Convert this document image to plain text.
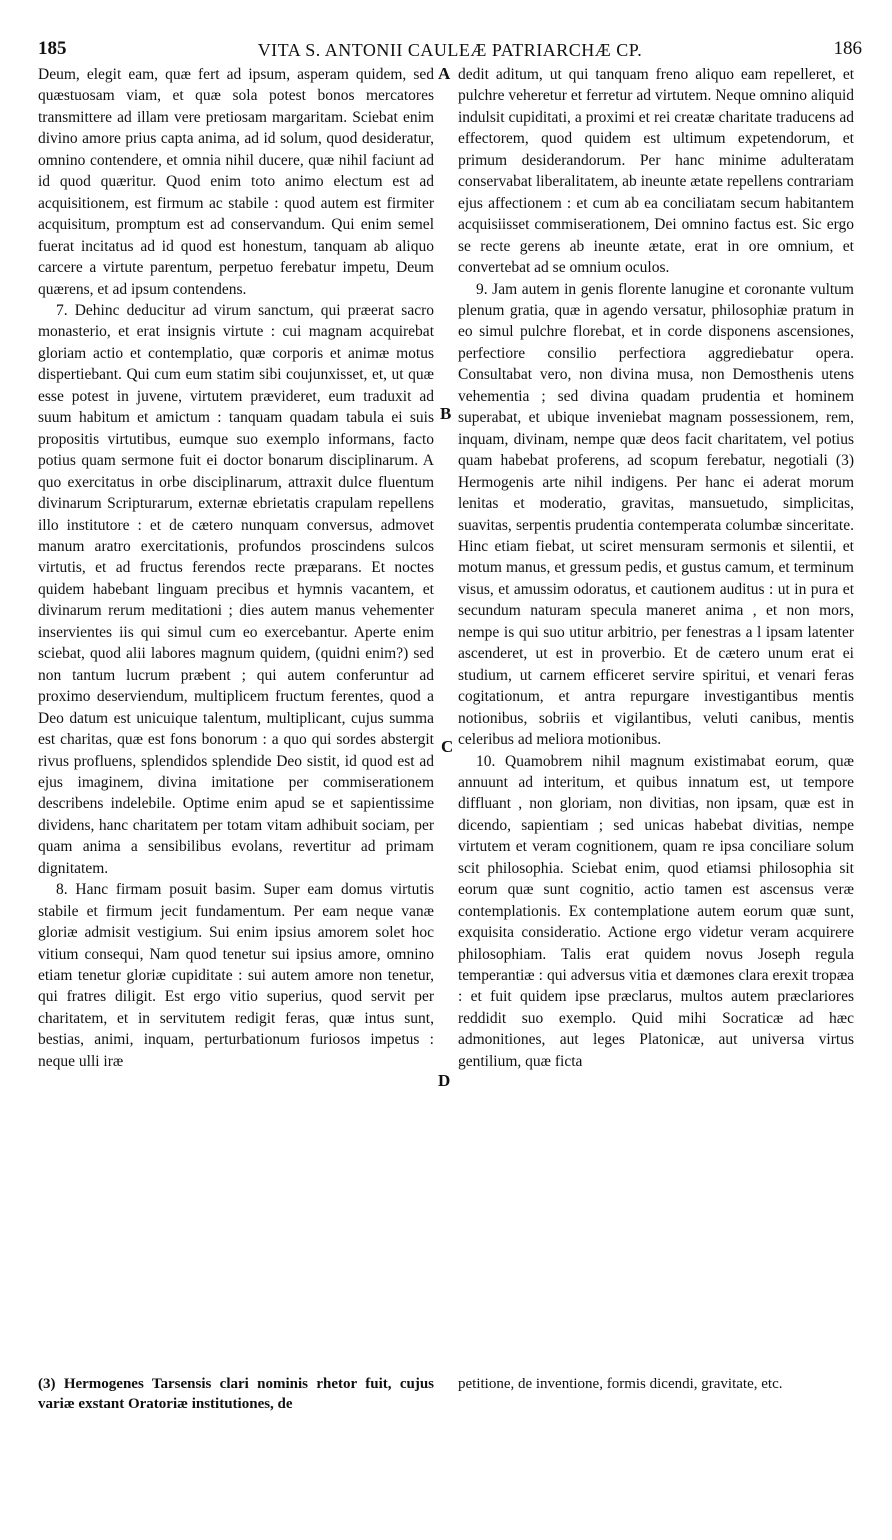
185	VITA S. ANTONII CAULEÆ PATRIARCHÆ CP.	186

Deum, elegit eam, quæ fert ad ipsum, asperam quidem, sed quæstuosam viam, et quæ sola potest bonos mercatores transmittere ad illam vere pretiosam margaritam. Sciebat enim divino amore prius capta anima, ad id solum, quod desideratur, omnino contendere, et omnia nihil ducere, quæ nihil faciunt ad id quod quæritur. Quod enim toto animo electum est ad acquisitionem, est firmum ac stabile : quod autem est firmiter acquisitum, promptum est ad conservandum. Qui enim semel fuerat incitatus ad id quod est honestum, tanquam ab aliquo carcere a virtute parentum, perpetuo ferebatur impetu, Deum quærens, et ad ipsum contendens.

7. Dehinc deducitur ad virum sanctum, qui præerat sacro monasterio, et erat insignis virtute : cui magnam acquirebat gloriam actio et contemplatio, quæ corporis et animæ motus dispertiebant. Qui cum eum statim sibi coujunxisset, et, ut quæ esse potest in juvene, virtutem prævideret, eum traduxit ad suum habitum et amictum : tanquam quadam tabula ei suis propositis virtutibus, eumque suo exemplo informans, facto potius quam sermone fuit ei doctor bonarum disciplinarum. A quo exercitatus in orbe disciplinarum, attraxit dulce fluentum divinarum Scripturarum, externæ ebrietatis crapulam repellens illo institutore : et de cætero nunquam conversus, admovet manum aratro exercitationis, profundos proscindens sulcos virtutis, et ad fructus ferendos recte præparans. Et noctes quidem habebant linguam precibus et hymnis vacantem, et divinarum rerum meditationi ; dies autem manus vehementer inservientes iis qui simul cum eo exercebantur. Aperte enim sciebat, quod alii labores magnum quidem, (quidni enim?) sed non tantum lucrum præbent ; qui autem conferuntur ad proximo deserviendum, multiplicem fructum ferentes, quod a Deo datum est unicuique talentum, multiplicant, cujus summa est charitas, quæ est fons bonorum : a quo qui sordes abstergit rivus profluens, splendidos splendide Deo sistit, id quod est ad ejus imaginem, divina imitatione per commiserationem describens indelebile. Optime enim apud se et sapientissime dividens, hanc charitatem per totam vitam adhibuit sociam, per quam anima a sensibilibus evolans, revertitur ad primam dignitatem.

8. Hanc firmam posuit basim. Super eam domus virtutis stabile et firmum jecit fundamentum. Per eam neque vanæ gloriæ admisit vestigium. Sui enim ipsius amorem solet hoc vitium consequi, Nam quod tenetur sui ipsius amore, omnino etiam tenetur gloriæ cupiditate : sui autem amore non tenetur, qui fratres diligit. Est ergo vitio superius, quod servit per charitatem, et in servitutem redigit feras, quæ intus sunt, bestias, animi, inquam, perturbationum furiosos impetus : neque ulli iræ

A
B
C
D

dedit aditum, ut qui tanquam freno aliquo eam repelleret, et pulchre veheretur et ferretur ad virtutem. Neque omnino aliquid indulsit cupiditati, a proximi et rei creatæ charitate traducens ad effectorem, quod quidem est ultimum expetendorum, et primum desiderandorum. Per hanc minime adulteratam conservabat liberalitatem, ab ineunte ætate repellens contrariam ejus affectionem : et cum ab ea conciliatam secum habitantem acquisiisset commiserationem, Dei omnino factus est. Sic ergo se recte gerens ab ineunte ætate, erat in ore omnium, et convertebat ad se omnium oculos.

9. Jam autem in genis florente lanugine et coronante vultum plenum gratia, quæ in agendo versatur, philosophiæ pratum in eo simul pulchre florebat, et in corde disponens ascensiones, perfectiore consilio perfectiora aggrediebatur opera. Consultabat vero, non divina musa, non Demosthenis utens vehementia ; sed divina quadam prudentia et hominem superabat, et ubique inveniebat magnam possessionem, rem, inquam, divinam, nempe quæ deos facit charitatem, vel potius quam habebat proferens, ad scopum ferebatur, negotiali (3) Hermogenis arte nihil indigens. Per hanc ei aderat morum lenitas et moderatio, gravitas, mansuetudo, simplicitas, suavitas, serpentis prudentia contemperata columbæ sinceritate. Hinc etiam fiebat, ut sciret mensuram sermonis et silentii, et motum manus, et gressum pedis, et gustus camum, et terminum visus, et amussim odoratus, et cautionem auditus : ut in pura et secundum naturam specula maneret anima , et non mors, nempe is qui suo utitur arbitrio, per fenestras a l ipsam latenter ascenderet, ut est in proverbio. Et de cætero unum erat ei studium, ut carnem efficeret servire spiritui, et venari feras cogitationum, et antra repurgare investigantibus mentis notionibus, sobriis et vigilantibus, veluti canibus, mentis celeribus ad meliora motionibus.

10. Quamobrem nihil magnum existimabat eorum, quæ annuunt ad interitum, et quibus innatum est, ut tempore diffluant , non gloriam, non divitias, non ipsam, quæ est in dicendo, sapientiam ; sed unicas habebat divitias, nempe virtutem et veram cognitionem, quam re ipsa conciliare solum scit philosophia. Sciebat enim, quod etiamsi philosophia sit eorum quæ sunt cognitio, actio tamen est ascensus veræ contemplationis. Ex contemplatione autem eorum quæ sunt, exquisita consideratio. Actione ergo videtur veram acquirere philosophiam. Talis erat quidem novus Joseph regula temperantiæ : qui adversus vitia et dæmones clara erexit tropæa : et fuit quidem ipse præclarus, multos autem præclariores reddidit suo exemplo. Quid mihi Socraticæ ad hæc admonitiones, aut leges Platonicæ, aut universa virtus gentilium, quæ ficta

(3) Hermogenes Tarsensis clari nominis rhetor fuit, cujus variæ exstant Oratoriæ institutiones, de

petitione, de inventione, formis dicendi, gravitate, etc.
